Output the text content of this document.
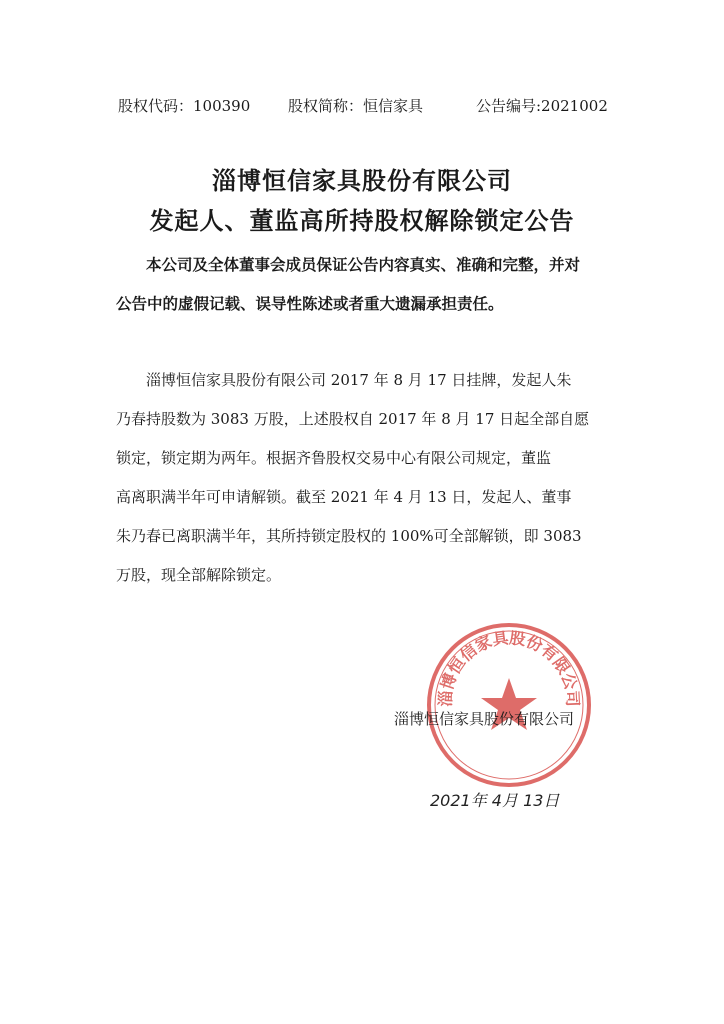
股权代码：100390	股权简称：恒信家具	公告编号:2021002
淄博恒信家具股份有限公司
发起人、董监高所持股权解除锁定公告
本公司及全体董事会成员保证公告内容真实、准确和完整，并对
公告中的虚假记载、误导性陈述或者重大遗漏承担责任。
淄博恒信家具股份有限公司 2017 年 8 月 17 日挂牌，发起人朱
乃春持股数为 3083 万股，上述股权自 2017 年 8 月 17 日起全部自愿
锁定，锁定期为两年。根据齐鲁股权交易中心有限公司规定，董监
高离职满半年可申请解锁。截至 2021 年 4 月 13 日，发起人、董事
朱乃春已离职满半年，其所持锁定股权的 100%可全部解锁，即 3083
万股，现全部解除锁定。
淄博恒信家具股份有限公司
淄博恒信家具股份有限公司
2021年 4月 13日
